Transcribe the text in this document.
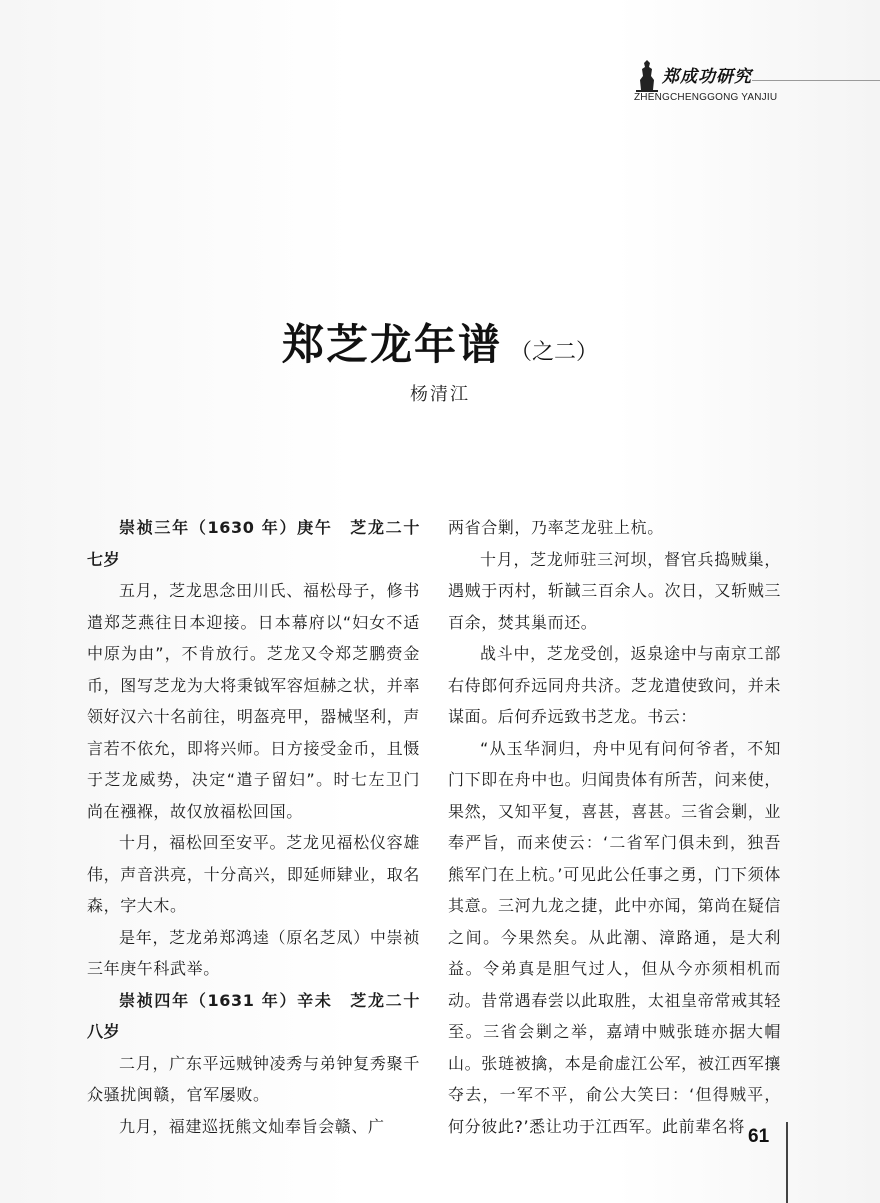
郑成功研究
ZHENGCHENGGONG YANJIU
郑芝龙年谱 （之二）
杨清江

崇祯三年（1630 年）庚午　芝龙二十七岁

五月，芝龙思念田川氏、福松母子，修书遣郑芝燕往日本迎接。日本幕府以“妇女不适中原为由”，不肯放行。芝龙又令郑芝鹏赍金币，图写芝龙为大将秉钺军容烜赫之状，并率领好汉六十名前往，明盔亮甲，器械坚利，声言若不依允，即将兴师。日方接受金币，且慑于芝龙威势，决定“遣子留妇”。时七左卫门尚在襁褓，故仅放福松回国。

十月，福松回至安平。芝龙见福松仪容雄伟，声音洪亮，十分高兴，即延师肄业，取名森，字大木。

是年，芝龙弟郑鸿逵（原名芝凤）中崇祯三年庚午科武举。

崇祯四年（1631 年）辛未　芝龙二十八岁

二月，广东平远贼钟凌秀与弟钟复秀聚千众骚扰闽赣，官军屡败。

九月，福建巡抚熊文灿奉旨会赣、广

两省合剿，乃率芝龙驻上杭。

十月，芝龙师驻三河坝，督官兵捣贼巢，遇贼于丙村，斩馘三百余人。次日，又斩贼三百余，焚其巢而还。

战斗中，芝龙受创，返泉途中与南京工部右侍郎何乔远同舟共济。芝龙遣使致问，并未谋面。后何乔远致书芝龙。书云：

“从玉华洞归，舟中见有问何爷者，不知门下即在舟中也。归闻贵体有所苦，问来使，果然，又知平复，喜甚，喜甚。三省会剿，业奉严旨，而来使云：‘二省军门俱未到，独吾熊军门在上杭。’可见此公任事之勇，门下须体其意。三河九龙之捷，此中亦闻，第尚在疑信之间。今果然矣。从此潮、漳路通，是大利益。令弟真是胆气过人，但从今亦须相机而动。昔常遇春尝以此取胜，太祖皇帝常戒其轻至。三省会剿之举，嘉靖中贼张琏亦据大帽山。张琏被擒，本是俞虚江公军，被江西军攘夺去，一军不平，俞公大笑曰：‘但得贼平，何分彼此?’悉让功于江西军。此前辈名将 61
